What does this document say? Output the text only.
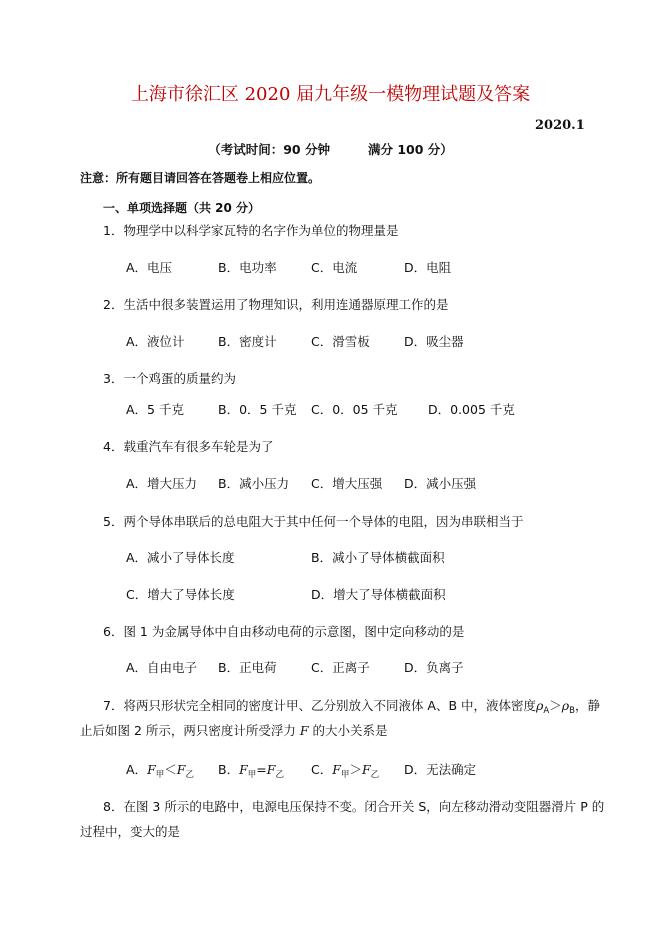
上海市徐汇区 2020 届九年级一模物理试题及答案
2020.1
（考试时间：90 分钟	满分 100 分）
注意：所有题目请回答在答题卷上相应位置。
一、单项选择题（共 20 分）
1．物理学中以科学家瓦特的名字作为单位的物理量是
A．电压	B．电功率	C．电流	D．电阻
2．生活中很多装置运用了物理知识，利用连通器原理工作的是
A．液位计	B．密度计	C．滑雪板	D．吸尘器
3．一个鸡蛋的质量约为
A．5 千克	B．0．5 千克 C．0．05 千克 D．0.005 千克
4．载重汽车有很多车轮是为了
A．增大压力 B．减小压力 C．增大压强 D．减小压强
5．两个导体串联后的总电阻大于其中任何一个导体的电阻，因为串联相当于
A．减小了导体长度	B．减小了导体横截面积
C．增大了导体长度	D．增大了导体横截面积
6．图 1 为金属导体中自由移动电荷的示意图，图中定向移动的是
A．自由电子 B．正电荷	C．正离子	D．负离子
7．将两只形状完全相同的密度计甲、乙分别放入不同液体 A、B 中，液体密度$\rho_A>\rho_B$，静
止后如图 2 所示，两只密度计所受浮力 F 的大小关系是
A．$F_甲<F_乙$ B．$F_甲=F_乙$ C．$F_甲>F_乙$ D．无法确定
8．在图 3 所示的电路中，电源电压保持不变。闭合开关 S，向左移动滑动变阻器滑片 P 的
过程中，变大的是
